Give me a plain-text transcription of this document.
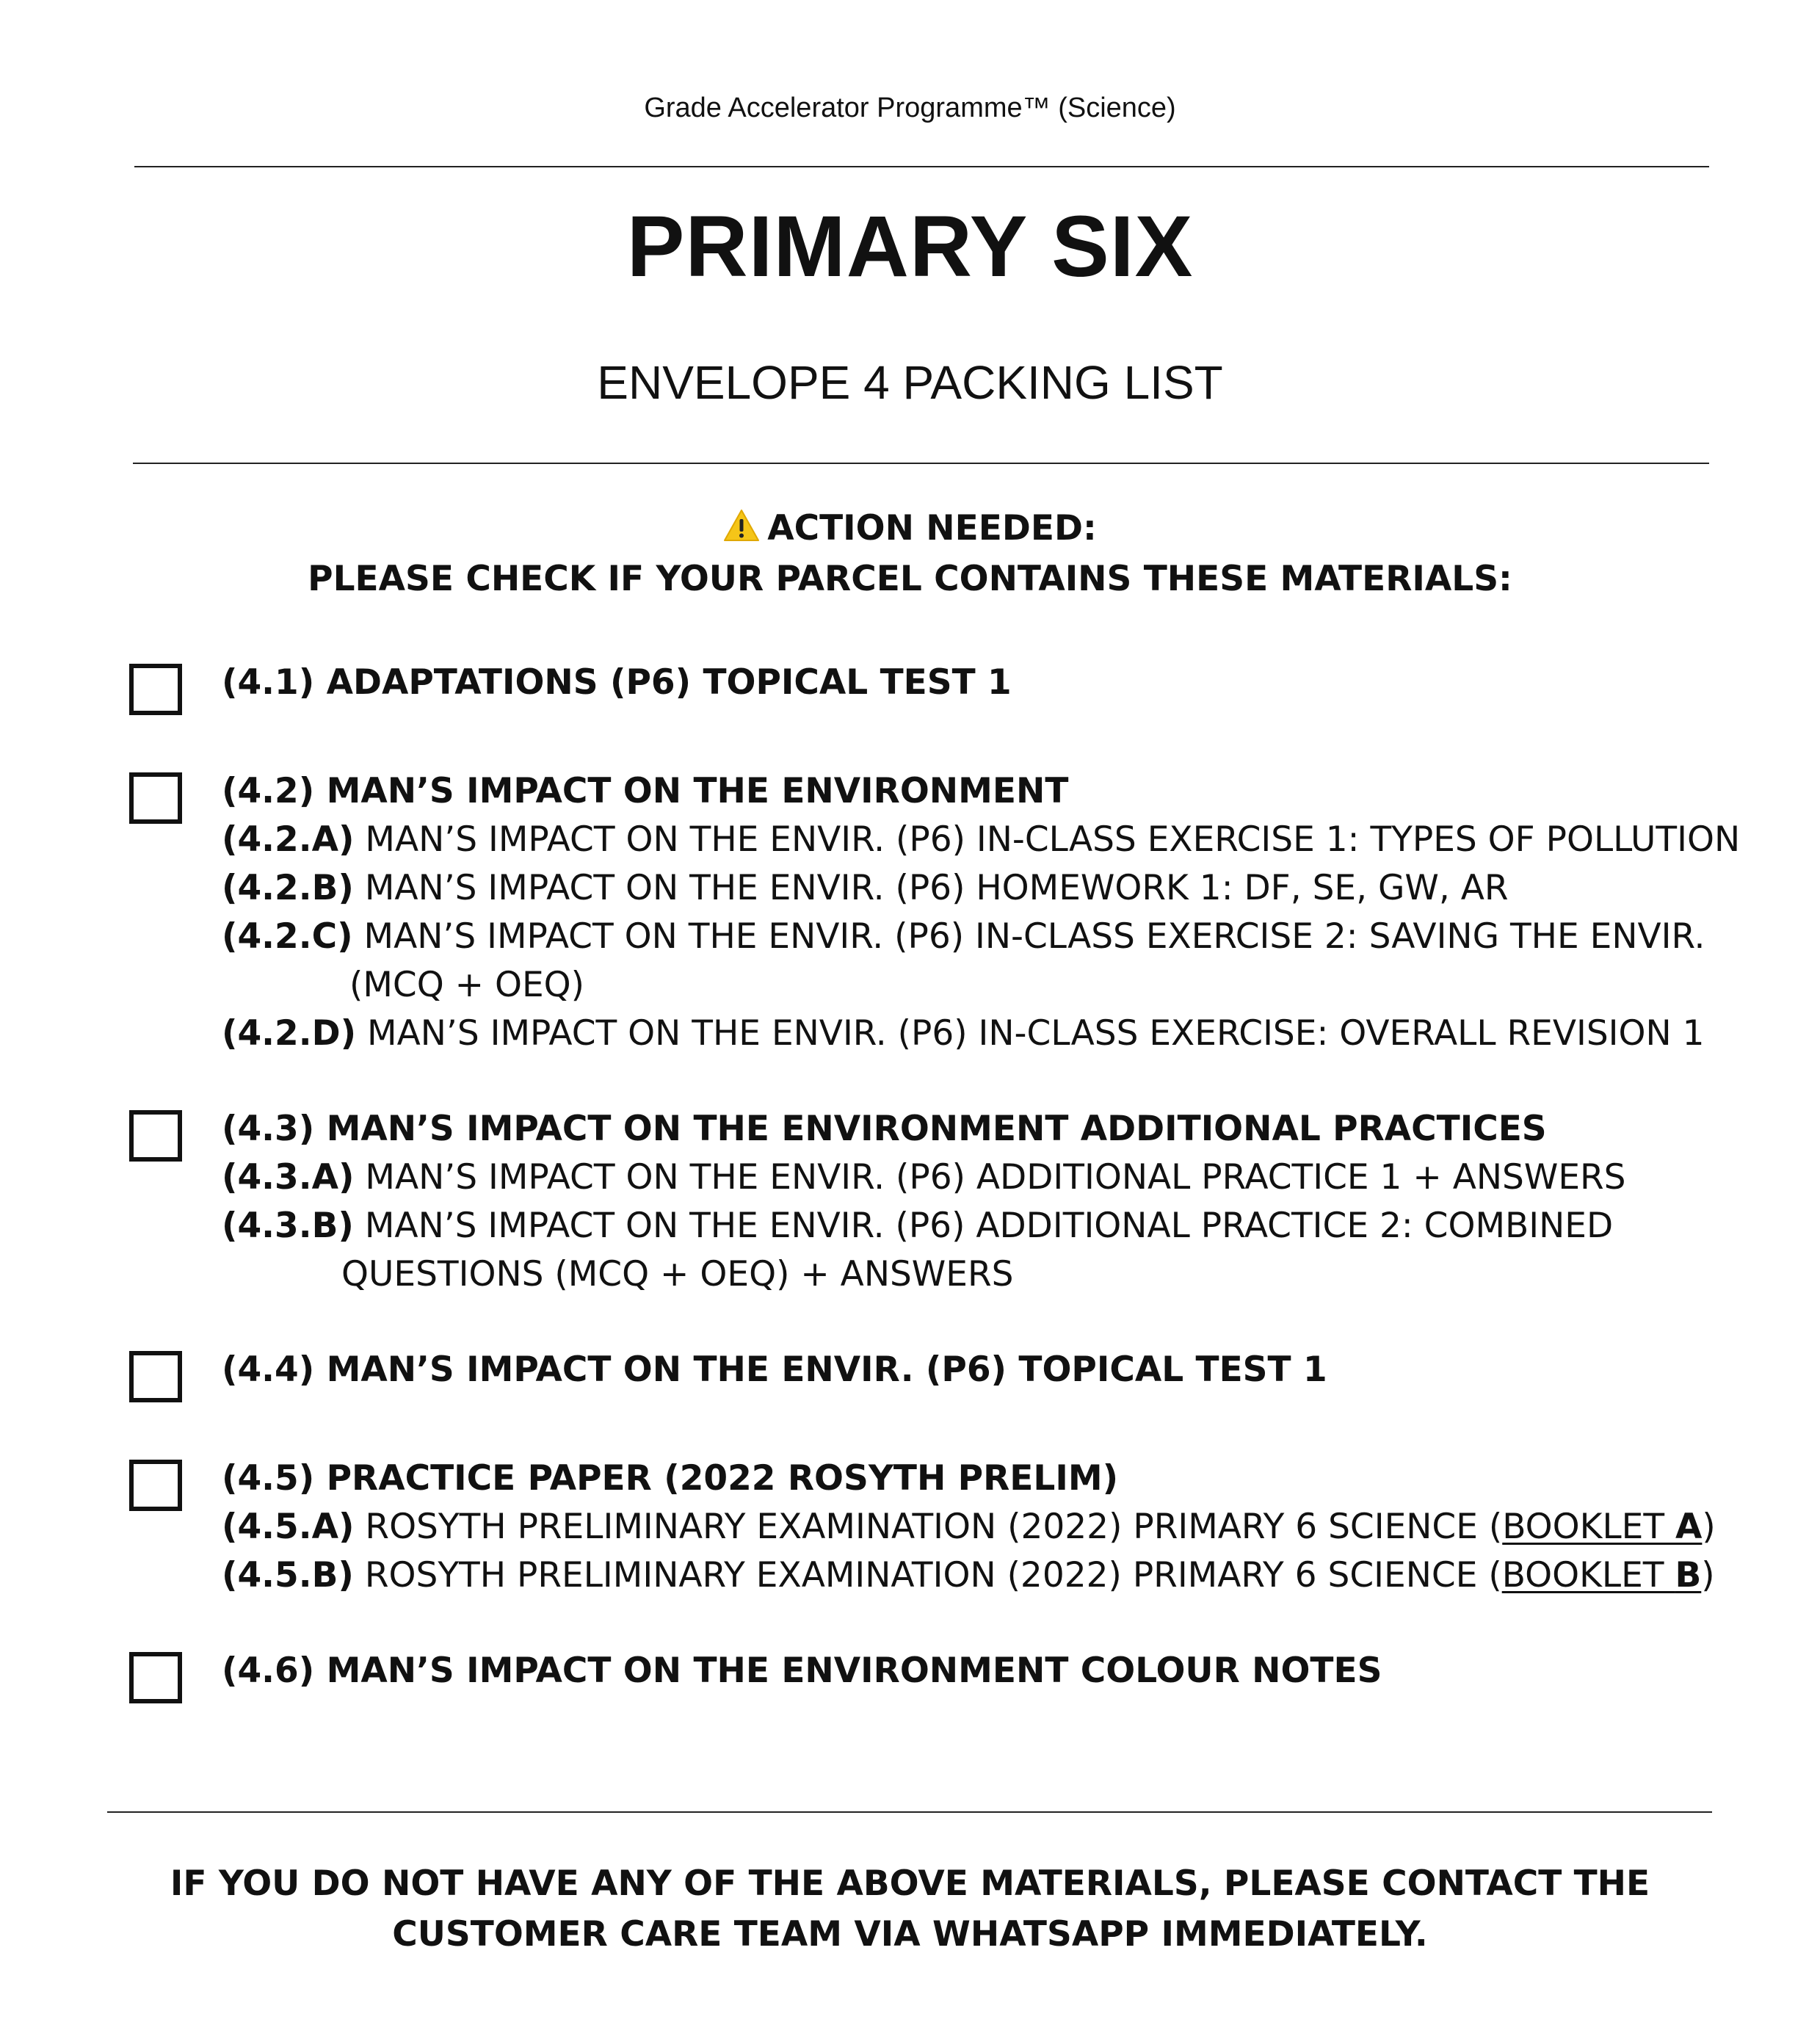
Grade Accelerator Programme™ (Science)
PRIMARY SIX
ENVELOPE 4 PACKING LIST
ACTION NEEDED:
PLEASE CHECK IF YOUR PARCEL CONTAINS THESE MATERIALS:
(4.1) ADAPTATIONS (P6) TOPICAL TEST 1
(4.2) MAN’S IMPACT ON THE ENVIRONMENT
(4.2.A) MAN’S IMPACT ON THE ENVIR. (P6) IN-CLASS EXERCISE 1: TYPES OF POLLUTION
(4.2.B) MAN’S IMPACT ON THE ENVIR. (P6) HOMEWORK 1: DF, SE, GW, AR
(4.2.C) MAN’S IMPACT ON THE ENVIR. (P6) IN-CLASS EXERCISE 2: SAVING THE ENVIR.
(MCQ + OEQ)
(4.2.D) MAN’S IMPACT ON THE ENVIR. (P6) IN-CLASS EXERCISE: OVERALL REVISION 1
(4.3) MAN’S IMPACT ON THE ENVIRONMENT ADDITIONAL PRACTICES
(4.3.A) MAN’S IMPACT ON THE ENVIR. (P6) ADDITIONAL PRACTICE 1 + ANSWERS
(4.3.B) MAN’S IMPACT ON THE ENVIR. (P6) ADDITIONAL PRACTICE 2: COMBINED
QUESTIONS (MCQ + OEQ) + ANSWERS
(4.4) MAN’S IMPACT ON THE ENVIR. (P6) TOPICAL TEST 1
(4.5) PRACTICE PAPER (2022 ROSYTH PRELIM)
(4.5.A) ROSYTH PRELIMINARY EXAMINATION (2022) PRIMARY 6 SCIENCE (BOOKLET A)
(4.5.B) ROSYTH PRELIMINARY EXAMINATION (2022) PRIMARY 6 SCIENCE (BOOKLET B)
(4.6) MAN’S IMPACT ON THE ENVIRONMENT COLOUR NOTES
IF YOU DO NOT HAVE ANY OF THE ABOVE MATERIALS, PLEASE CONTACT THE
CUSTOMER CARE TEAM VIA WHATSAPP IMMEDIATELY.
